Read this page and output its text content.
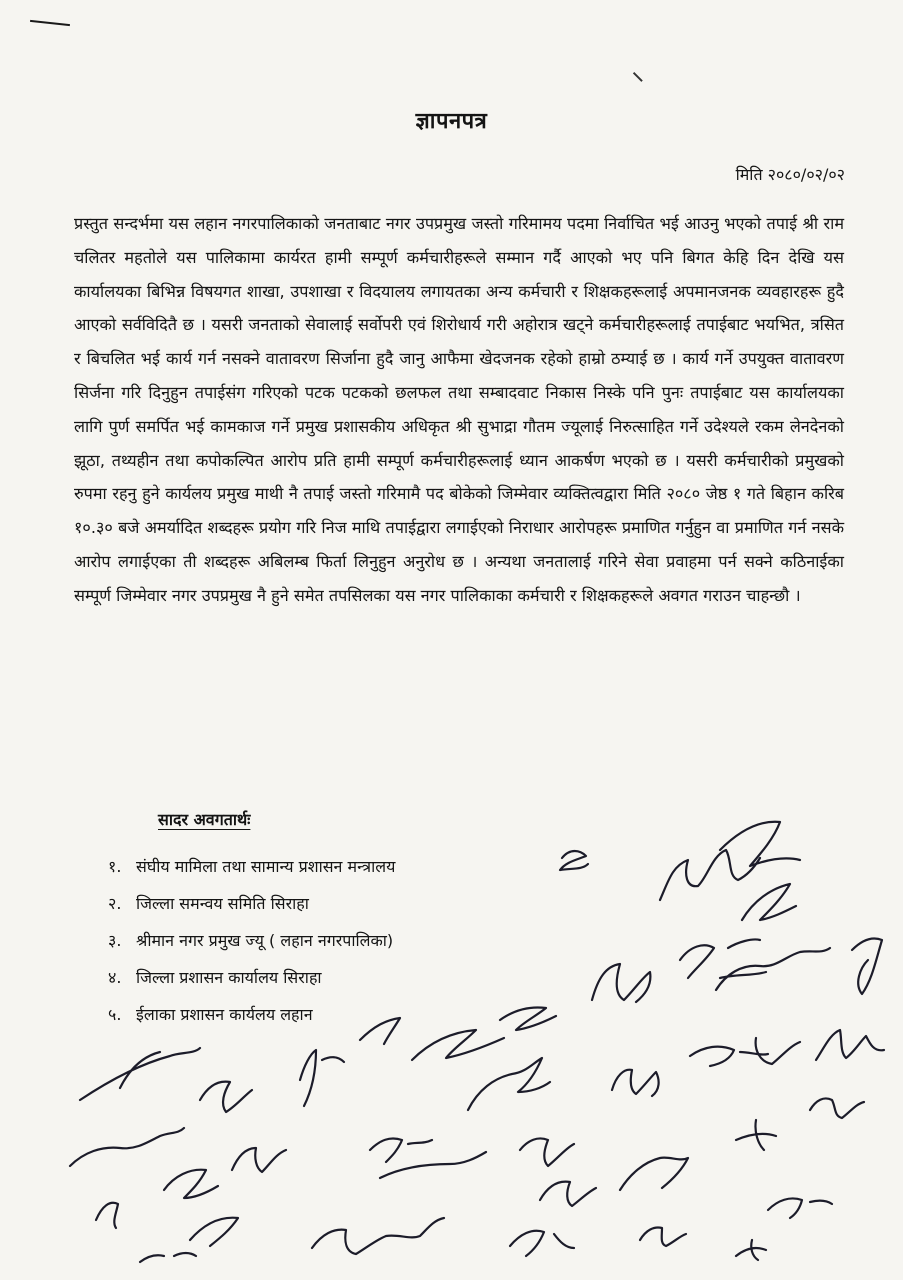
ज्ञापनपत्र
मिति २०८०/०२/०२

प्रस्तुत सन्दर्भमा यस लहान नगरपालिकाको जनताबाट नगर उपप्रमुख जस्तो गरिमामय पदमा निर्वाचित भई आउनु भएको तपाई श्री राम चलितर महतोले यस पालिकामा कार्यरत हामी सम्पूर्ण कर्मचारीहरूले सम्मान गर्दै आएको भए पनि बिगत केहि दिन देखि यस कार्यालयका बिभिन्न विषयगत शाखा, उपशाखा र विदयालय लगायतका अन्य कर्मचारी र शिक्षकहरूलाई अपमानजनक व्यवहारहरू हुदै आएको सर्वविदितै छ । यसरी जनताको सेवालाई सर्वोपरी एवं शिरोधार्य गरी अहोरात्र खट्ने कर्मचारीहरूलाई तपाईबाट भयभित, त्रसित र बिचलित भई कार्य गर्न नसक्ने वातावरण सिर्जाना हुदै जानु आफैमा खेदजनक रहेको हाम्रो ठम्याई छ । कार्य गर्ने उपयुक्त वातावरण सिर्जना गरि दिनुहुन तपाईसंग गरिएको पटक पटकको छलफल तथा सम्बादवाट निकास निस्के पनि पुनः तपाईबाट यस कार्यालयका लागि पुर्ण समर्पित भई कामकाज गर्ने प्रमुख प्रशासकीय अधिकृत श्री सुभाद्रा गौतम ज्यूलाई निरुत्साहित गर्ने उदेश्यले रकम लेनदेनको झूठा, तथ्यहीन तथा कपोकल्पित आरोप प्रति हामी सम्पूर्ण कर्मचारीहरूलाई ध्यान आकर्षण भएको छ । यसरी कर्मचारीको प्रमुखको रुपमा रहनु हुने कार्यलय प्रमुख माथी नै तपाई जस्तो गरिमामै पद बोकेको जिम्मेवार व्यक्तित्वद्वारा मिति २०८० जेष्ठ १ गते बिहान करिब १०.३० बजे अमर्यादित शब्दहरू प्रयोग गरि निज माथि तपाईद्वारा लगाईएको निराधार आरोपहरू प्रमाणित गर्नुहुन वा प्रमाणित गर्न नसके आरोप लगाईएका ती शब्दहरू अबिलम्ब फिर्ता लिनुहुन अनुरोध छ । अन्यथा जनतालाई गरिने सेवा प्रवाहमा पर्न सक्ने कठिनाईका सम्पूर्ण जिम्मेवार नगर उपप्रमुख नै हुने समेत तपसिलका यस नगर पालिकाका कर्मचारी र शिक्षकहरूले अवगत गराउन चाहन्छौ ।

सादर अवगतार्थः
१. संघीय मामिला तथा सामान्य प्रशासन मन्त्रालय
२. जिल्ला समन्वय समिति सिराहा
३. श्रीमान नगर प्रमुख ज्यू ( लहान नगरपालिका)
४. जिल्ला प्रशासन कार्यालय सिराहा
५. ईलाका प्रशासन कार्यलय लहान
